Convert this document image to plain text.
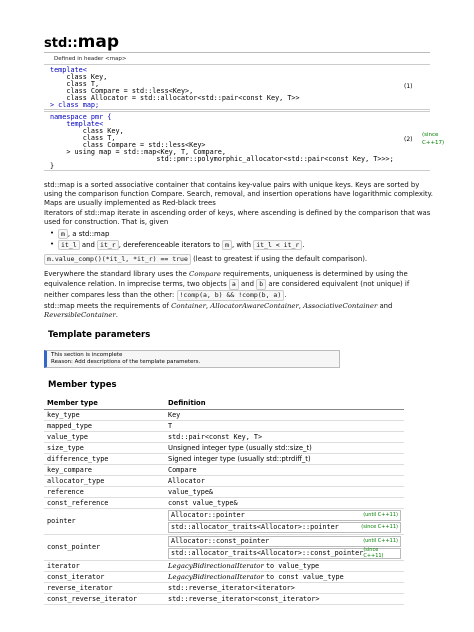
std::map
Defined in header <map>
template<
class Key,
class T,
class Compare = std::less<Key>,
class Allocator = std::allocator<std::pair<const Key, T>>
> class map;
(1)
namespace pmr {
template<
class Key,
class T,
class Compare = std::less<Key>
> using map = std::map<Key, T, Compare,
std::pmr::polymorphic_allocator<std::pair<const Key, T>>>;
}
(2)
(since
C++17)
std::map is a sorted associative container that contains key-value pairs with unique keys. Keys are sorted by using the comparison function Compare. Search, removal, and insertion operations have logarithmic complexity. Maps are usually implemented as Red-black trees
Iterators of std::map iterate in ascending order of keys, where ascending is defined by the comparison that was used for construction. That is, given
• m , a std::map
• it_l and it_r , dereferenceable iterators to m , with it_l < it_r .
m.value_comp()(*it_l, *it_r) == true (least to greatest if using the default comparison).
Everywhere the standard library uses the Compare requirements, uniqueness is determined by using the equivalence relation. In imprecise terms, two objects a and b are considered equivalent (not unique) if neither compares less than the other: !comp(a, b) && !comp(b, a) .
std::map meets the requirements of Container, AllocatorAwareContainer, AssociativeContainer and ReversibleContainer.
Template parameters
This section is incomplete
Reason: Add descriptions of the template parameters.
Member types
Member type	Definition
key_type	Key
mapped_type	T
value_type	std::pair<const Key, T>
size_type	Unsigned integer type (usually std::size_t)
difference_type	Signed integer type (usually std::ptrdiff_t)
key_compare	Compare
allocator_type	Allocator
reference	value_type&
const_reference	const value_type&
pointer	Allocator::pointer (until C++11)
std::allocator_traits<Allocator>::pointer (since C++11)

const_pointer	Allocator::const_pointer (until C++11)
std::allocator_traits<Allocator>::const_pointer (since C++11)

iterator	LegacyBidirectionalIterator to value_type
const_iterator	LegacyBidirectionalIterator to const value_type
reverse_iterator	std::reverse_iterator<iterator>
const_reverse_iterator	std::reverse_iterator<const_iterator>
